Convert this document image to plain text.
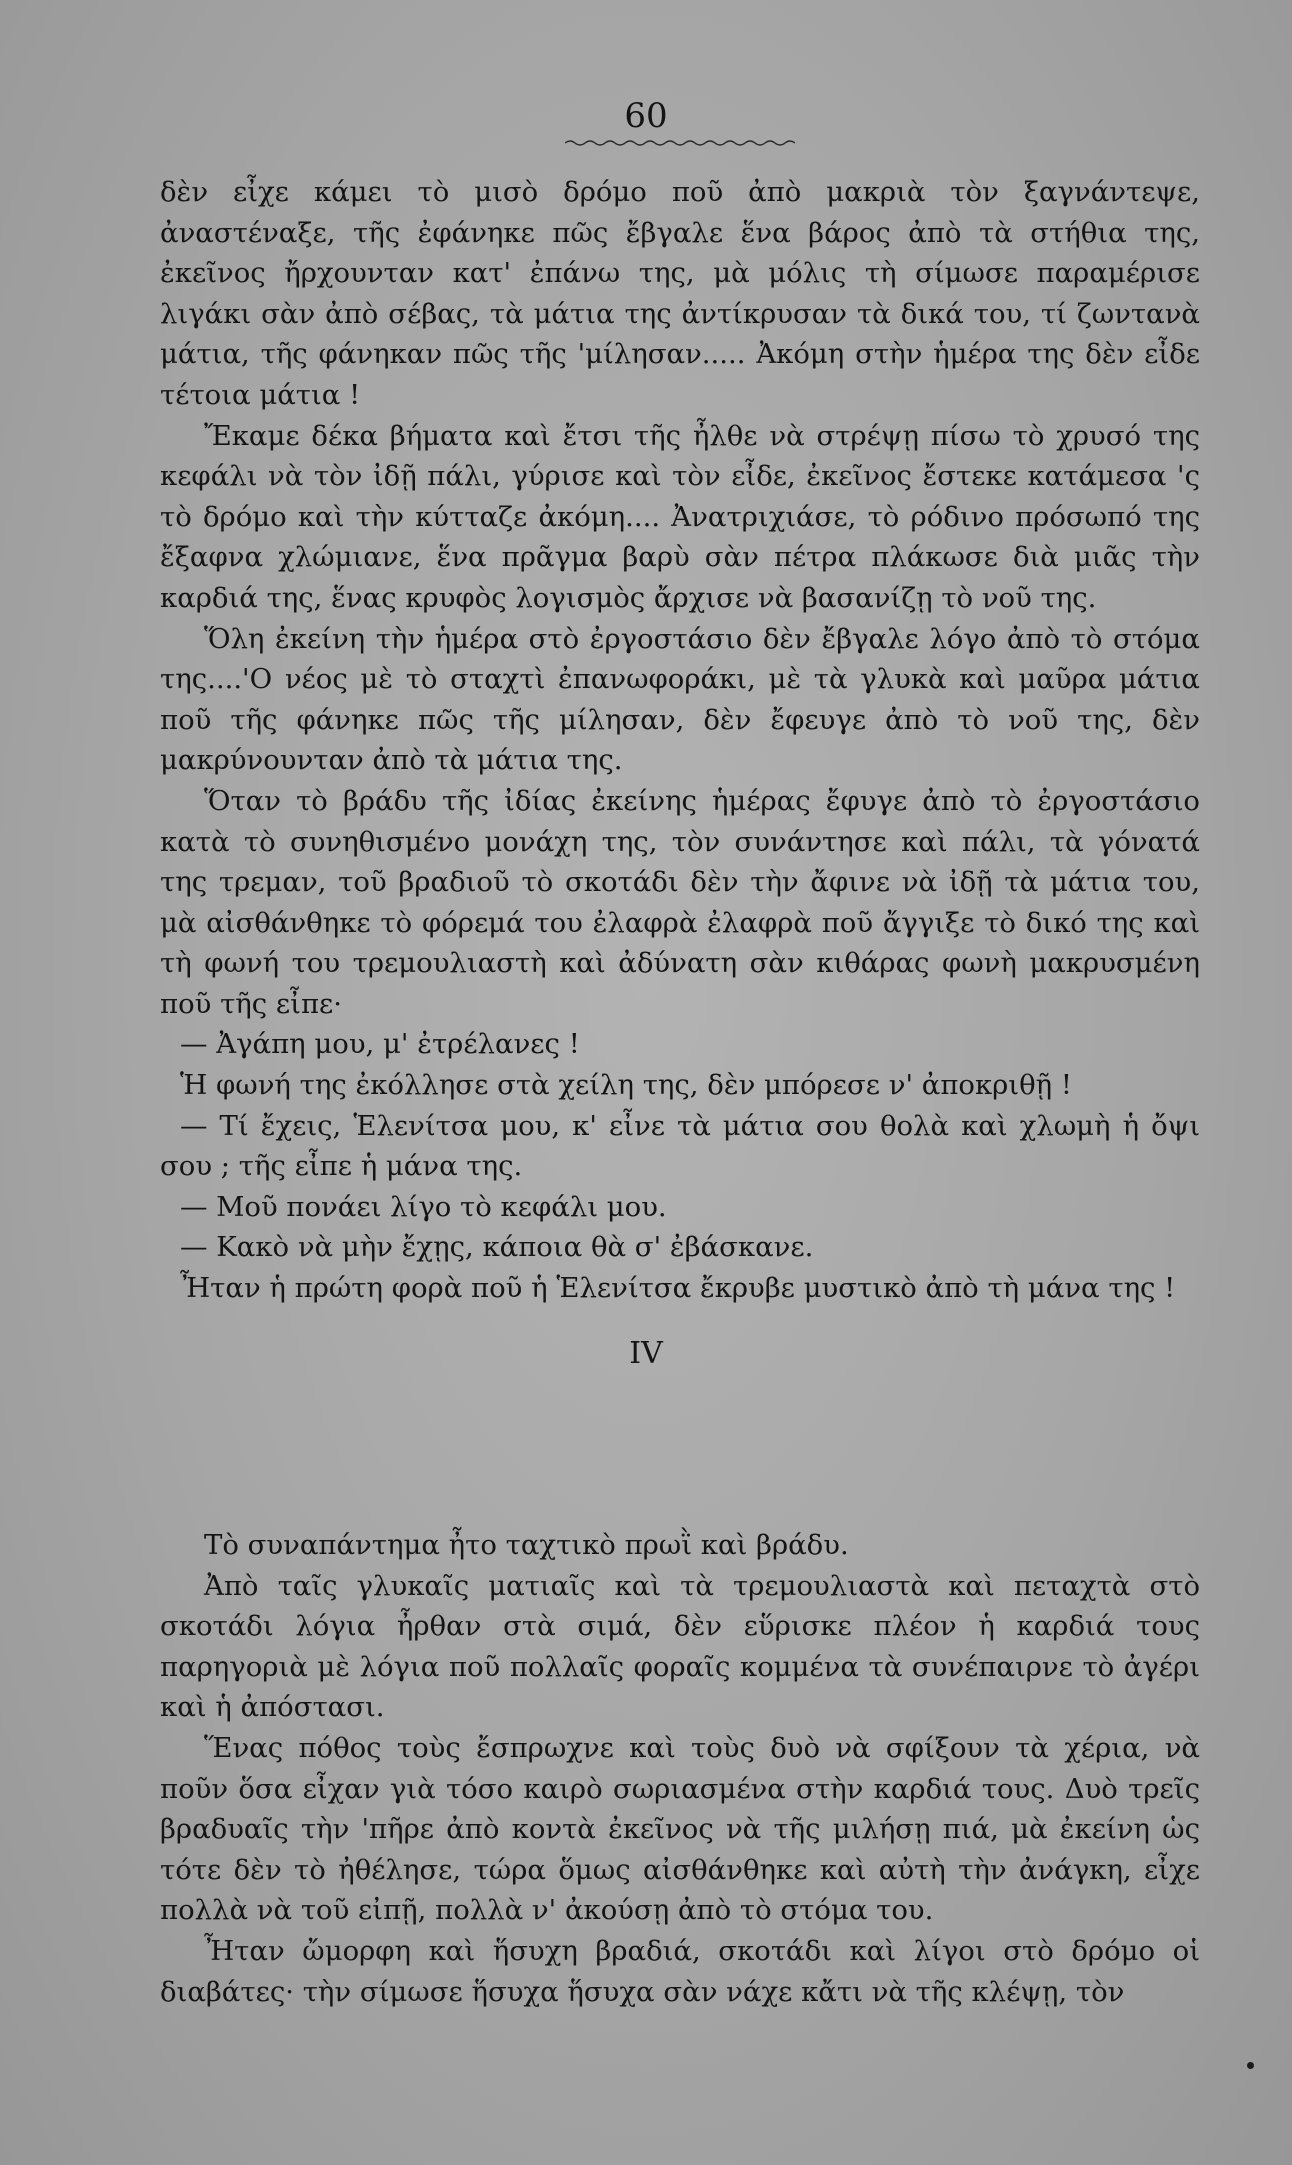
60

δὲν εἶχε κάμει τὸ μισὸ δρόμο ποῦ ἀπὸ μακριὰ τὸν ξαγνάντεψε, ἀναστέναξε, τῆς ἐφάνηκε πῶς ἔβγαλε ἕνα βάρος ἀπὸ τὰ στήθια της, ἐκεῖνος ἤρχουνταν κατ' ἐπάνω της, μὰ μόλις τὴ σίμωσε παραμέρισε λιγάκι σὰν ἀπὸ σέβας, τὰ μάτια της ἀντίκρυσαν τὰ δικά του, τί ζωντανὰ μάτια, τῆς φάνηκαν πῶς τῆς 'μίλησαν..... Ἀκόμη στὴν ἡμέρα της δὲν εἶδε τέτοια μάτια !

Ἔκαμε δέκα βήματα καὶ ἔτσι τῆς ἦλθε νὰ στρέψῃ πίσω τὸ χρυσό της κεφάλι νὰ τὸν ἰδῇ πάλι, γύρισε καὶ τὸν εἶδε, ἐκεῖνος ἔστεκε κατάμεσα 'ς τὸ δρόμο καὶ τὴν κύτταζε ἀκόμη.... Ἀνατριχιάσε, τὸ ρόδινο πρόσωπό της ἔξαφνα χλώμιανε, ἕνα πρᾶγμα βαρὺ σὰν πέτρα πλάκωσε διὰ μιᾶς τὴν καρδιά της, ἕνας κρυφὸς λογισμὸς ἄρχισε νὰ βασανίζῃ τὸ νοῦ της.

Ὅλη ἐκείνη τὴν ἡμέρα στὸ ἐργοστάσιο δὲν ἔβγαλε λόγο ἀπὸ τὸ στόμα της....'Ο νέος μὲ τὸ σταχτὶ ἐπανωφοράκι, μὲ τὰ γλυκὰ καὶ μαῦρα μάτια ποῦ τῆς φάνηκε πῶς τῆς μίλησαν, δὲν ἔφευγε ἀπὸ τὸ νοῦ της, δὲν μακρύνουνταν ἀπὸ τὰ μάτια της.

Ὅταν τὸ βράδυ τῆς ἰδίας ἐκείνης ἡμέρας ἔφυγε ἀπὸ τὸ ἐργοστάσιο κατὰ τὸ συνηθισμένο μονάχη της, τὸν συνάντησε καὶ πάλι, τὰ γόνατά της τρεμαν, τοῦ βραδιοῦ τὸ σκοτάδι δὲν τὴν ἄφινε νὰ ἰδῇ τὰ μάτια του, μὰ αἰσθάνθηκε τὸ φόρεμά του ἐλαφρὰ ἐλαφρὰ ποῦ ἄγγιξε τὸ δικό της καὶ τὴ φωνή του τρεμουλιαστὴ καὶ ἀδύνατη σὰν κιθάρας φωνὴ μακρυσμένη ποῦ τῆς εἶπε·

— Ἀγάπη μου, μ' ἐτρέλανες !

Ἡ φωνή της ἐκόλλησε στὰ χείλη της, δὲν μπόρεσε ν' ἀποκριθῇ !

— Τί ἔχεις, Ἑλενίτσα μου, κ' εἶνε τὰ μάτια σου θολὰ καὶ χλωμὴ ἡ ὄψι σου ; τῆς εἶπε ἡ μάνα της.

— Μοῦ πονάει λίγο τὸ κεφάλι μου.

— Κακὸ νὰ μὴν ἔχῃς, κάποια θὰ σ' ἐβάσκανε.

Ἦταν ἡ πρώτη φορὰ ποῦ ἡ Ἑλενίτσα ἔκρυβε μυστικὸ ἀπὸ τὴ μάνα της !

IV

Τὸ συναπάντημα ἦτο ταχτικὸ πρωῒ καὶ βράδυ.

Ἀπὸ ταῖς γλυκαῖς ματιαῖς καὶ τὰ τρεμουλιαστὰ καὶ πεταχτὰ στὸ σκοτάδι λόγια ἦρθαν στὰ σιμά, δὲν εὕρισκε πλέον ἡ καρδιά τους παρηγοριὰ μὲ λόγια ποῦ πολλαῖς φοραῖς κομμένα τὰ συνέπαιρνε τὸ ἀγέρι καὶ ἡ ἀπόστασι.

Ἕνας πόθος τοὺς ἔσπρωχνε καὶ τοὺς δυὸ νὰ σφίξουν τὰ χέρια, νὰ ποῦν ὅσα εἶχαν γιὰ τόσο καιρὸ σωριασμένα στὴν καρδιά τους. Δυὸ τρεῖς βραδυαῖς τὴν 'πῆρε ἀπὸ κοντὰ ἐκεῖνος νὰ τῆς μιλήσῃ πιά, μὰ ἐκείνη ὡς τότε δὲν τὸ ἠθέλησε, τώρα ὅμως αἰσθάνθηκε καὶ αὐτὴ τὴν ἀνάγκη, εἶχε πολλὰ νὰ τοῦ εἰπῇ, πολλὰ ν' ἀκούσῃ ἀπὸ τὸ στόμα του.

Ἦταν ὤμορφη καὶ ἥσυχη βραδιά, σκοτάδι καὶ λίγοι στὸ δρόμο οἱ διαβάτες· τὴν σίμωσε ἥσυχα ἥσυχα σὰν νάχε κἄτι νὰ τῆς κλέψῃ, τὸν
